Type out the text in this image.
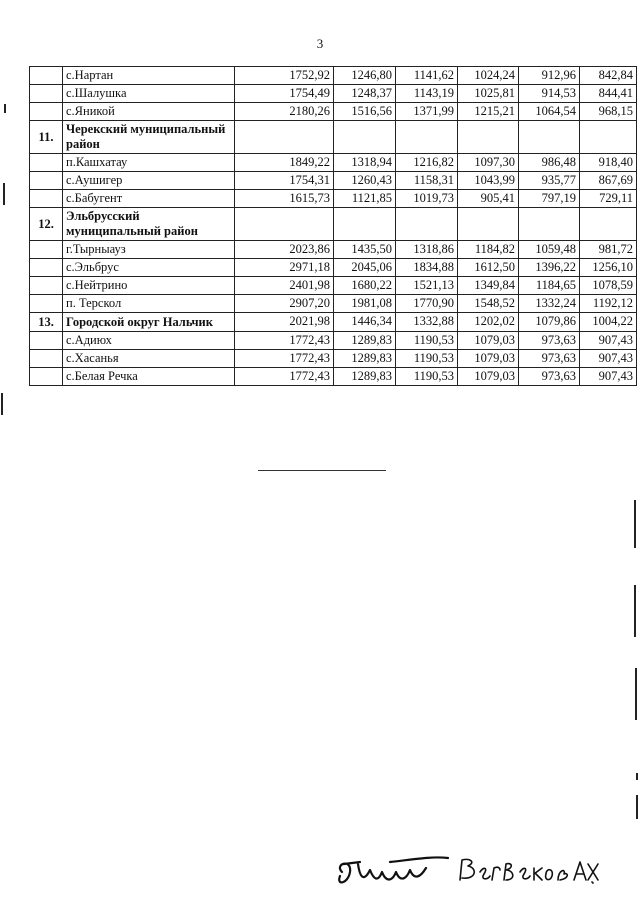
3
	с.Нартан	1752,92	1246,80	1141,62	1024,24	912,96	842,84
	с.Шалушка	1754,49	1248,37	1143,19	1025,81	914,53	844,41
	с.Яникой	2180,26	1516,56	1371,99	1215,21	1064,54	968,15
11.	Черекский муниципальный район						
	п.Кашхатау	1849,22	1318,94	1216,82	1097,30	986,48	918,40
	с.Аушигер	1754,31	1260,43	1158,31	1043,99	935,77	867,69
	с.Бабугент	1615,73	1121,85	1019,73	905,41	797,19	729,11
12.	Эльбрусский муниципальный район						
	г.Тырныауз	2023,86	1435,50	1318,86	1184,82	1059,48	981,72
	с.Эльбрус	2971,18	2045,06	1834,88	1612,50	1396,22	1256,10
	с.Нейтрино	2401,98	1680,22	1521,13	1349,84	1184,65	1078,59
	п. Терскол	2907,20	1981,08	1770,90	1548,52	1332,24	1192,12
13.	Городской округ Нальчик	2021,98	1446,34	1332,88	1202,02	1079,86	1004,22
	с.Адиюх	1772,43	1289,83	1190,53	1079,03	973,63	907,43
	с.Хасанья	1772,43	1289,83	1190,53	1079,03	973,63	907,43
	с.Белая Речка	1772,43	1289,83	1190,53	1079,03	973,63	907,43
